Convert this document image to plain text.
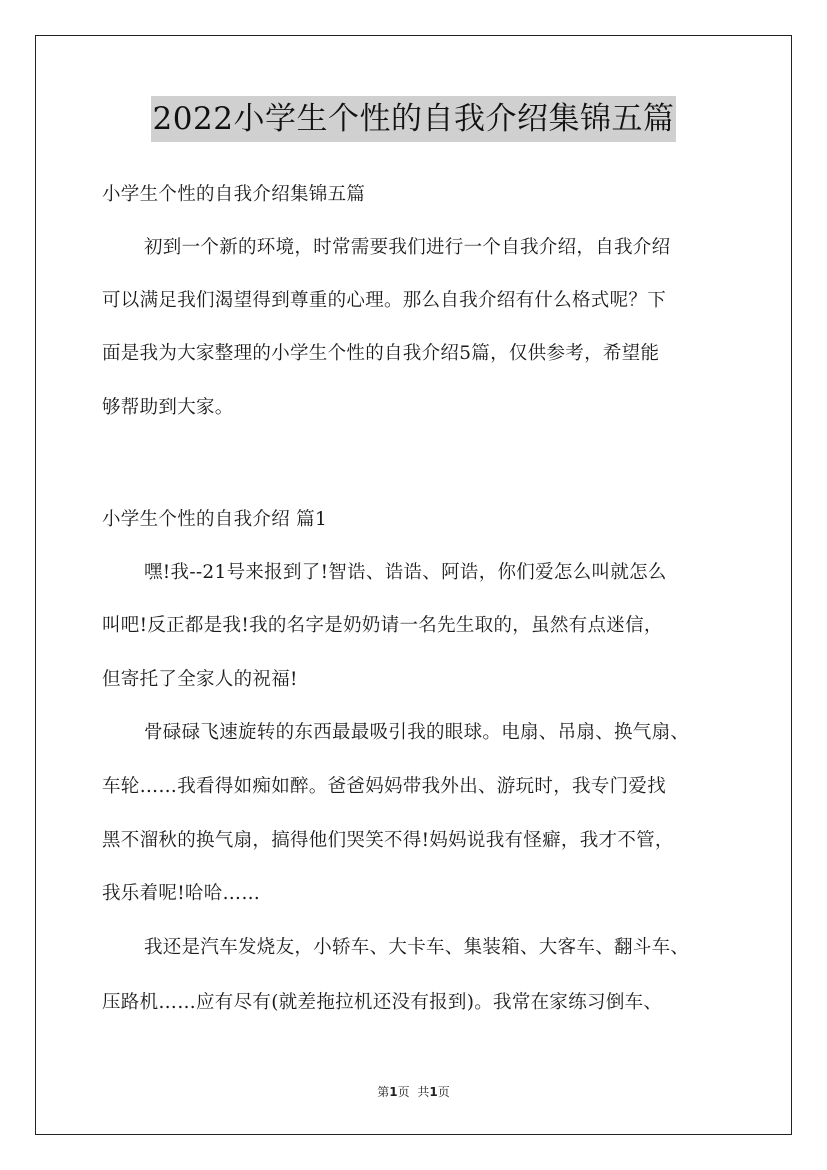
2022小学生个性的自我介绍集锦五篇
小学生个性的自我介绍集锦五篇
初到一个新的环境，时常需要我们进行一个自我介绍，自我介绍
可以满足我们渴望得到尊重的心理。那么自我介绍有什么格式呢？下
面是我为大家整理的小学生个性的自我介绍5篇，仅供参考，希望能
够帮助到大家。
小学生个性的自我介绍 篇1
嘿!我--21号来报到了!智诰、诰诰、阿诰，你们爱怎么叫就怎么
叫吧!反正都是我!我的名字是奶奶请一名先生取的，虽然有点迷信，
但寄托了全家人的祝福!
骨碌碌飞速旋转的东西最最吸引我的眼球。电扇、吊扇、换气扇、
车轮……我看得如痴如醉。爸爸妈妈带我外出、游玩时，我专门爱找
黑不溜秋的换气扇，搞得他们哭笑不得!妈妈说我有怪癖，我才不管，
我乐着呢!哈哈……
我还是汽车发烧友，小轿车、大卡车、集装箱、大客车、翻斗车、
压路机……应有尽有(就差拖拉机还没有报到)。我常在家练习倒车、
第1页 共1页
